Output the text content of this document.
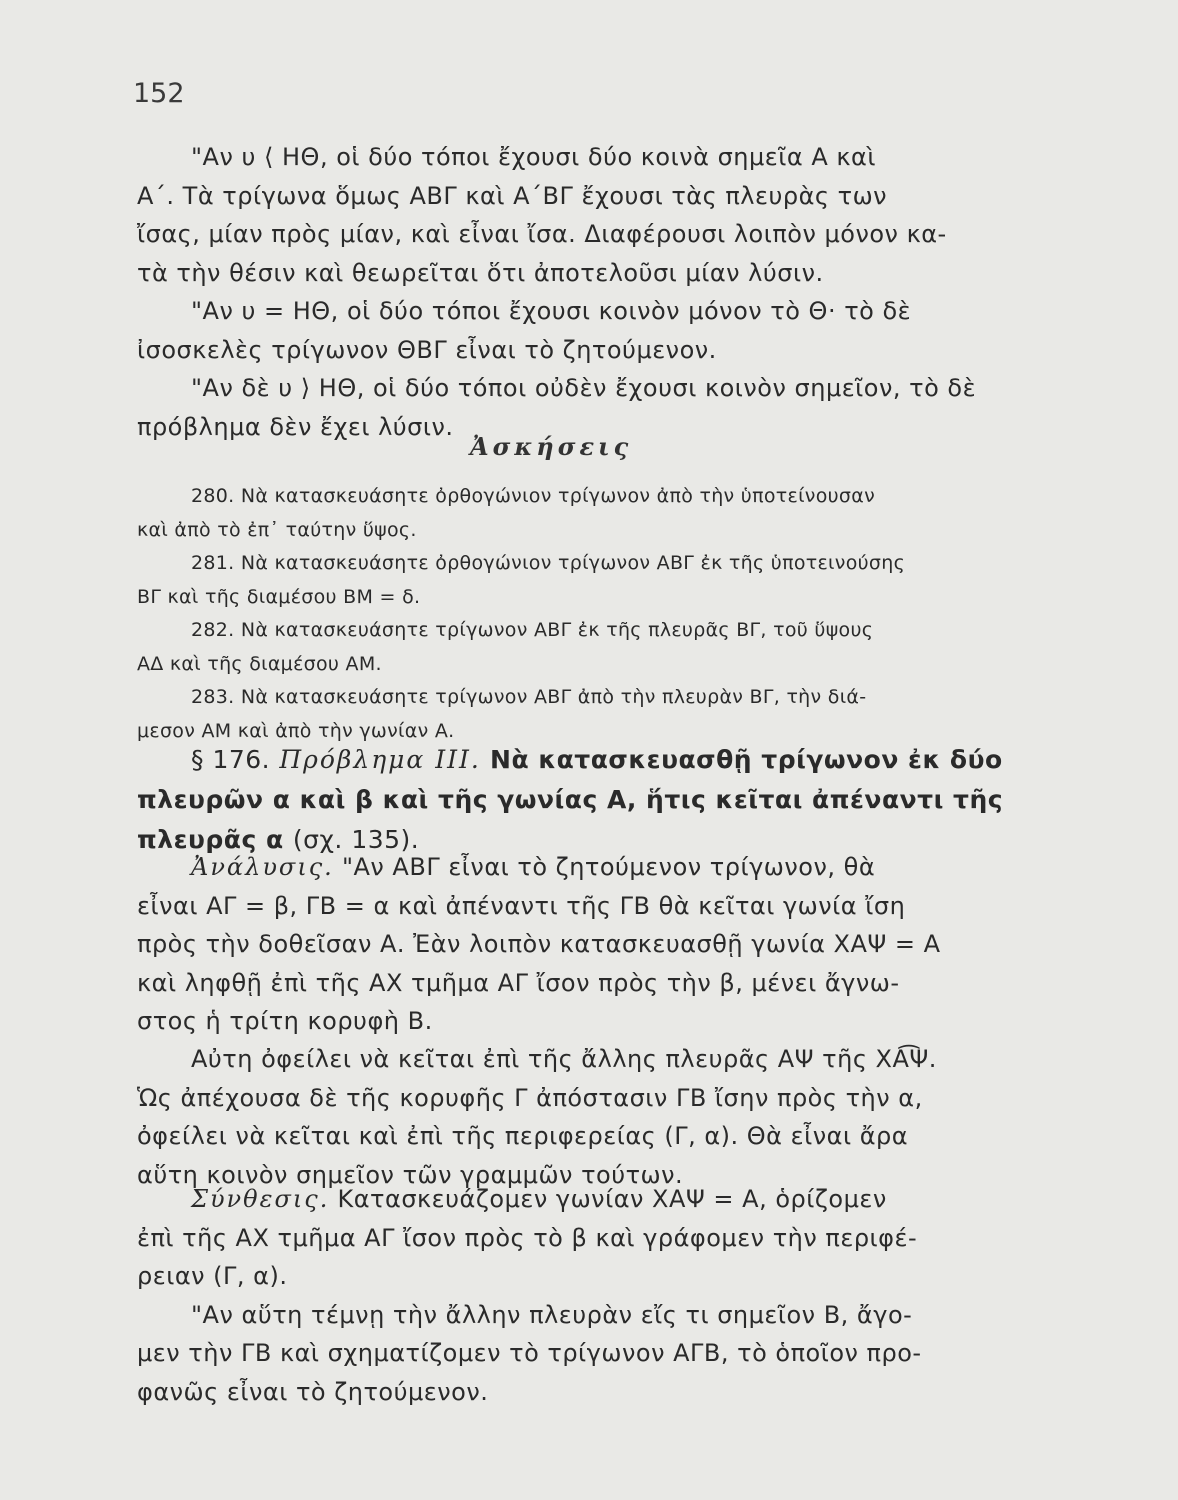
152
"Αν υ ⟨ ΗΘ, οἱ δύο τόποι ἔχουσι δύο κοινὰ σημεῖα Α καὶ
Α΄. Τὰ τρίγωνα ὅμως ΑΒΓ καὶ Α΄ΒΓ ἔχουσι τὰς πλευρὰς των
ἴσας, μίαν πρὸς μίαν, καὶ εἶναι ἴσα. Διαφέρουσι λοιπὸν μόνον κα-
τὰ τὴν θέσιν καὶ θεωρεῖται ὅτι ἀποτελοῦσι μίαν λύσιν.
"Αν υ = ΗΘ, οἱ δύο τόποι ἔχουσι κοινὸν μόνον τὸ Θ· τὸ δὲ
ἰσοσκελὲς τρίγωνον ΘΒΓ εἶναι τὸ ζητούμενον.
"Αν δὲ υ ⟩ ΗΘ, οἱ δύο τόποι οὐδὲν ἔχουσι κοινὸν σημεῖον, τὸ δὲ
πρόβλημα δὲν ἔχει λύσιν.
Ἀσκήσεις
280. Νὰ κατασκευάσητε ὀρθογώνιον τρίγωνον ἀπὸ τὴν ὑποτείνουσαν
καὶ ἀπὸ τὸ ἐπ᾽ ταύτην ὕψος.
281. Νὰ κατασκευάσητε ὀρθογώνιον τρίγωνον ΑΒΓ ἐκ τῆς ὑποτεινούσης
ΒΓ καὶ τῆς διαμέσου ΒΜ = δ.
282. Νὰ κατασκευάσητε τρίγωνον ΑΒΓ ἐκ τῆς πλευρᾶς ΒΓ, τοῦ ὕψους
ΑΔ καὶ τῆς διαμέσου ΑΜ.
283. Νὰ κατασκευάσητε τρίγωνον ΑΒΓ ἀπὸ τὴν πλευρὰν ΒΓ, τὴν διά-
μεσον ΑΜ καὶ ἀπὸ τὴν γωνίαν Α.
§ 176. Πρόβλημα ΙΙΙ. Νὰ κατασκευασθῇ τρίγωνον ἐκ δύο
πλευρῶν α καὶ β καὶ τῆς γωνίας Α, ἥτις κεῖται ἀπέναντι τῆς
πλευρᾶς α (σχ. 135).
Ἀνάλυσις. "Αν ΑΒΓ εἶναι τὸ ζητούμενον τρίγωνον, θὰ
εἶναι ΑΓ = β, ΓΒ = α καὶ ἀπέναντι τῆς ΓΒ θὰ κεῖται γωνία ἴση
πρὸς τὴν δοθεῖσαν Α. Ἐὰν λοιπὸν κατασκευασθῇ γωνία ΧΑΨ = Α
καὶ ληφθῇ ἐπὶ τῆς ΑΧ τμῆμα ΑΓ ἴσον πρὸς τὴν β, μένει ἄγνω-
στος ἡ τρίτη κορυφὴ Β.
Αὐτη ὀφείλει νὰ κεῖται ἐπὶ τῆς ἄλλης πλευρᾶς ΑΨ τῆς ΧΑ͡Ψ.
Ὡς ἀπέχουσα δὲ τῆς κορυφῆς Γ ἀπόστασιν ΓΒ ἴσην πρὸς τὴν α,
ὀφείλει νὰ κεῖται καὶ ἐπὶ τῆς περιφερείας (Γ, α). Θὰ εἶναι ἄρα
αὕτη κοινὸν σημεῖον τῶν γραμμῶν τούτων.
Σύνθεσις. Κατασκευάζομεν γωνίαν ΧΑΨ = Α, ὁρίζομεν
ἐπὶ τῆς ΑΧ τμῆμα ΑΓ ἴσον πρὸς τὸ β καὶ γράφομεν τὴν περιφέ-
ρειαν (Γ, α).
"Αν αὕτη τέμνῃ τὴν ἄλλην πλευρὰν εἴς τι σημεῖον Β, ἄγο-
μεν τὴν ΓΒ καὶ σχηματίζομεν τὸ τρίγωνον ΑΓΒ, τὸ ὁποῖον προ-
φανῶς εἶναι τὸ ζητούμενον.
